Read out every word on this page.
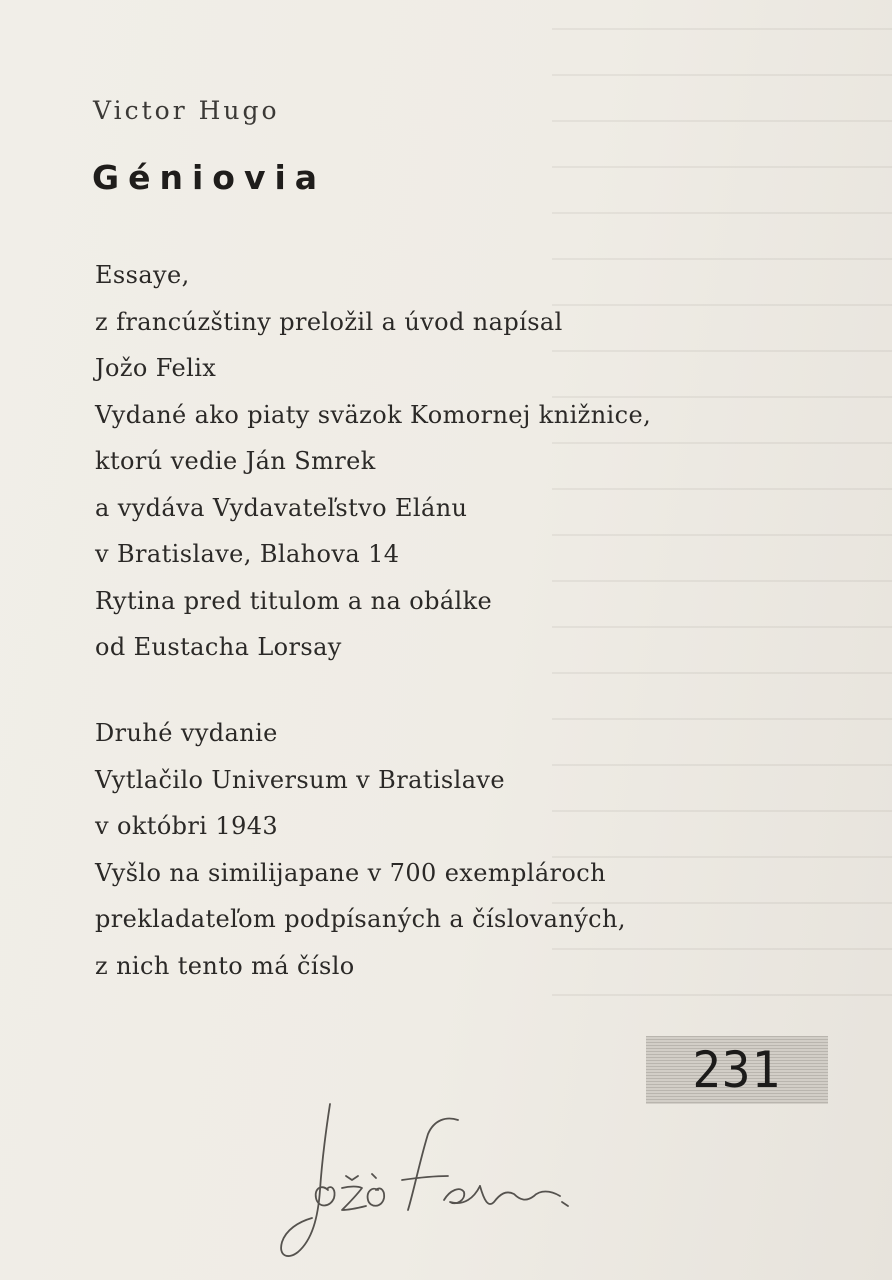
Victor Hugo
Géniovia
Essaye,
z francúzštiny preložil a úvod napísal
Jožo Felix
Vydané ako piaty sväzok Komornej knižnice,
ktorú vedie Ján Smrek
a vydáva Vydavateľstvo Elánu
v Bratislave, Blahova 14
Rytina pred titulom a na obálke
od Eustacha Lorsay
Druhé vydanie
Vytlačilo Universum v Bratislave
v októbri 1943
Vyšlo na similijapane v 700 exemplároch
prekladateľom podpísaných a číslovaných,
z nich tento má číslo
231
